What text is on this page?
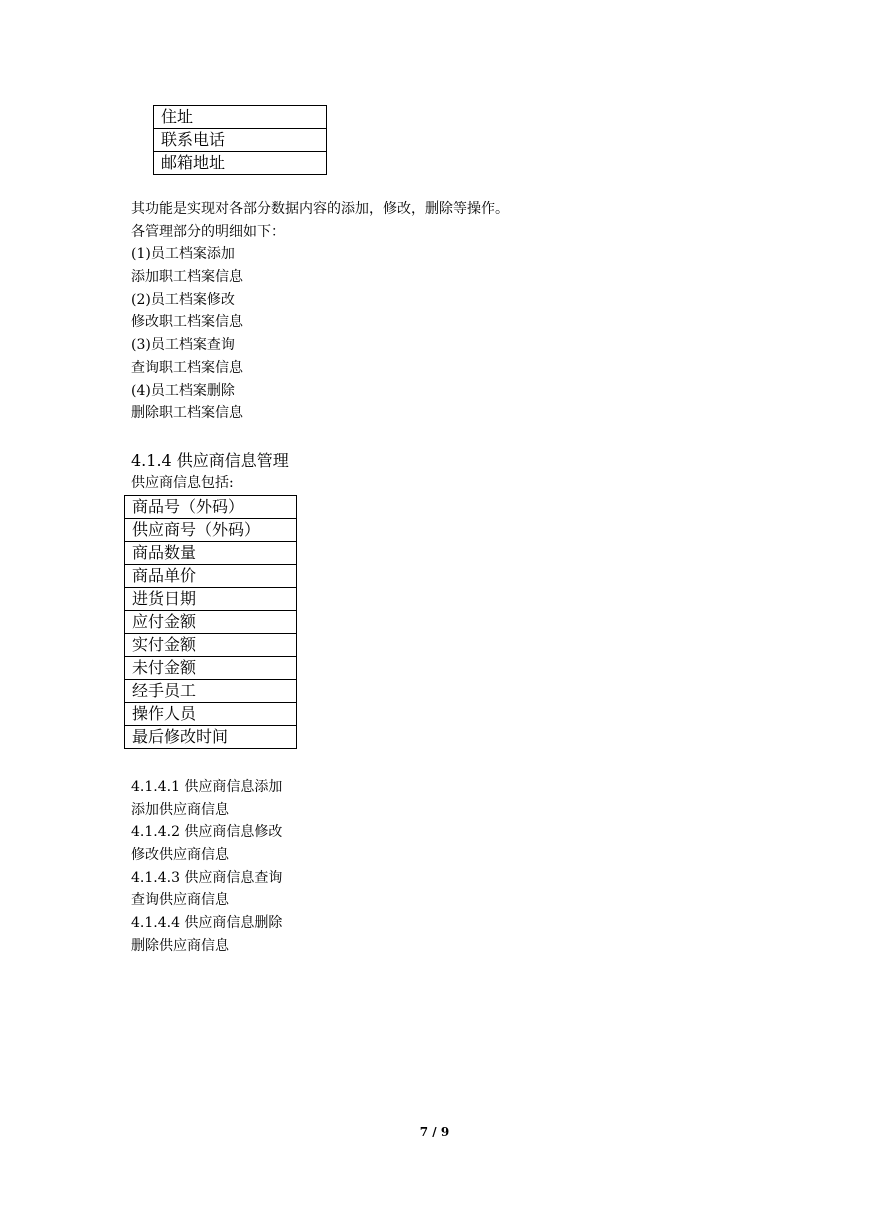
住址
联系电话
邮箱地址
其功能是实现对各部分数据内容的添加，修改，删除等操作。
各管理部分的明细如下：
(1)员工档案添加
添加职工档案信息
(2)员工档案修改
修改职工档案信息
(3)员工档案查询
查询职工档案信息
(4)员工档案删除
删除职工档案信息
4.1.4 供应商信息管理
供应商信息包括:
商品号（外码）
供应商号（外码）
商品数量
商品单价
进货日期
应付金额
实付金额
未付金额
经手员工
操作人员
最后修改时间
4.1.4.1 供应商信息添加
添加供应商信息
4.1.4.2 供应商信息修改
修改供应商信息
4.1.4.3 供应商信息查询
查询供应商信息
4.1.4.4 供应商信息删除
删除供应商信息
7 / 9
